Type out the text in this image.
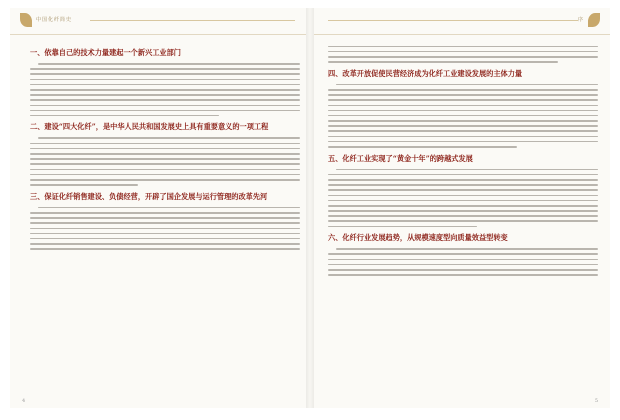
中国化纤简史
一、依靠自己的技术力量建起一个新兴工业部门
二、建设“四大化纤”，是中华人民共和国发展史上具有重要意义的一项工程
三、保证化纤销售建设、负债经营，开辟了国企发展与运行管理的改革先河
4
序
四、改革开放促使民营经济成为化纤工业建设发展的主体力量
五、化纤工业实现了“黄金十年”的跨越式发展
六、化纤行业发展趋势，从规模速度型向质量效益型转变
5
